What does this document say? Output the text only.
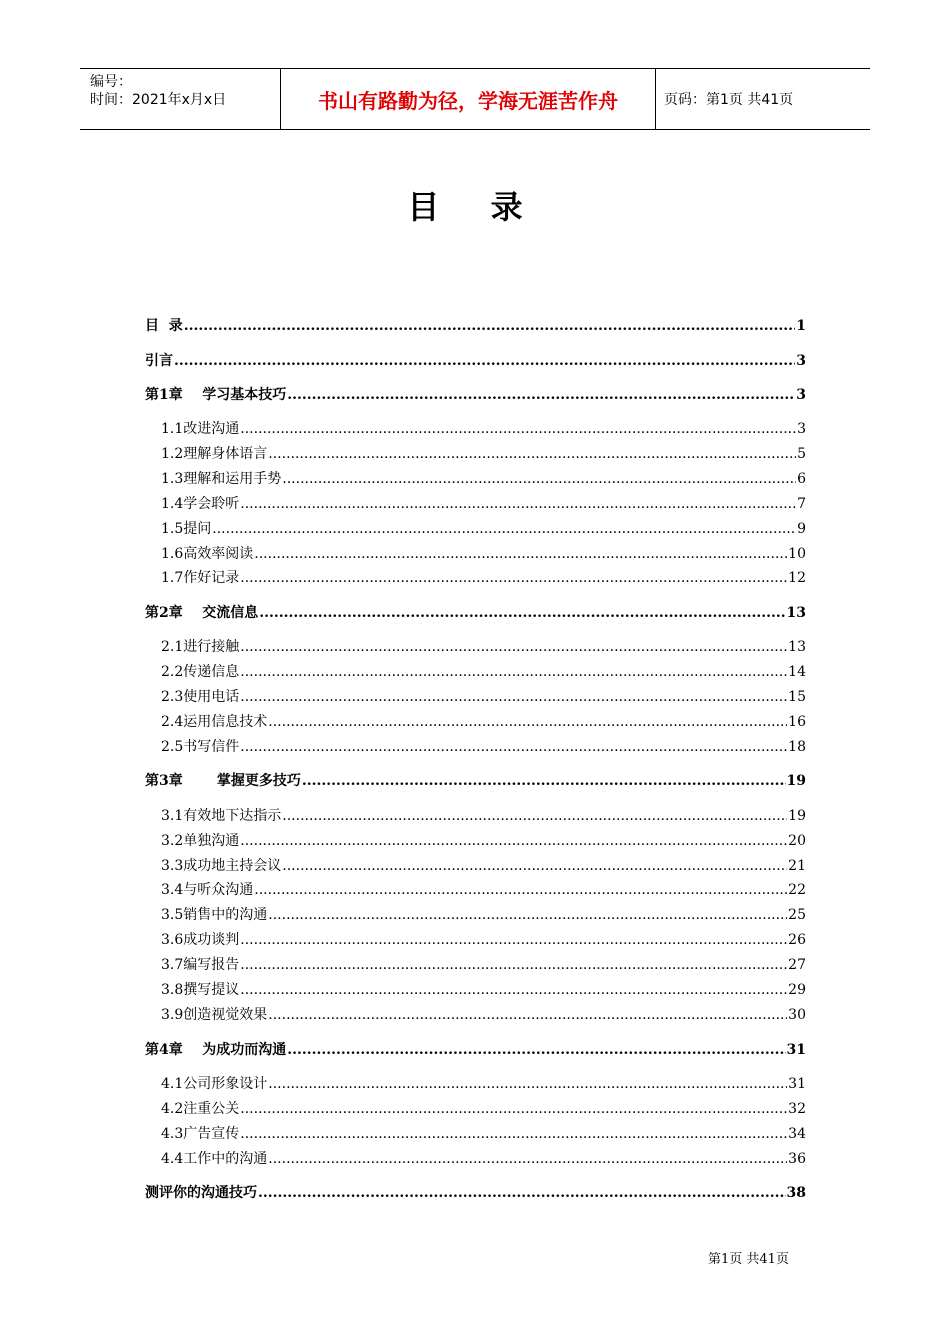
编号：
时间：2021年x月x日	书山有路勤为径，学海无涯苦作舟	页码：第1页 共41页
目 录
目  录 .....	1
引言 .....	3
第1章    学习基本技巧 .....	3
1.1改进沟通 .....	3
1.2理解身体语言 .....	5
1.3理解和运用手势 .....	6
1.4学会聆听 .....	7
1.5提问 .....	9
1.6高效率阅读 .....	10
1.7作好记录 .....	12
第2章    交流信息 .....	13
2.1进行接触 .....	13
2.2传递信息 .....	14
2.3使用电话 .....	15
2.4运用信息技术 .....	16
2.5书写信件 .....	18
第3章       掌握更多技巧 .....	19
3.1有效地下达指示 .....	19
3.2单独沟通 .....	20
3.3成功地主持会议 .....	21
3.4与听众沟通 .....	22
3.5销售中的沟通 .....	25
3.6成功谈判 .....	26
3.7编写报告 .....	27
3.8撰写提议 .....	29
3.9创造视觉效果 .....	30
第4章    为成功而沟通 .....	31
4.1公司形象设计 .....	31
4.2注重公关 .....	32
4.3广告宣传 .....	34
4.4工作中的沟通 .....	36
测评你的沟通技巧 .....	38
第1页 共41页
